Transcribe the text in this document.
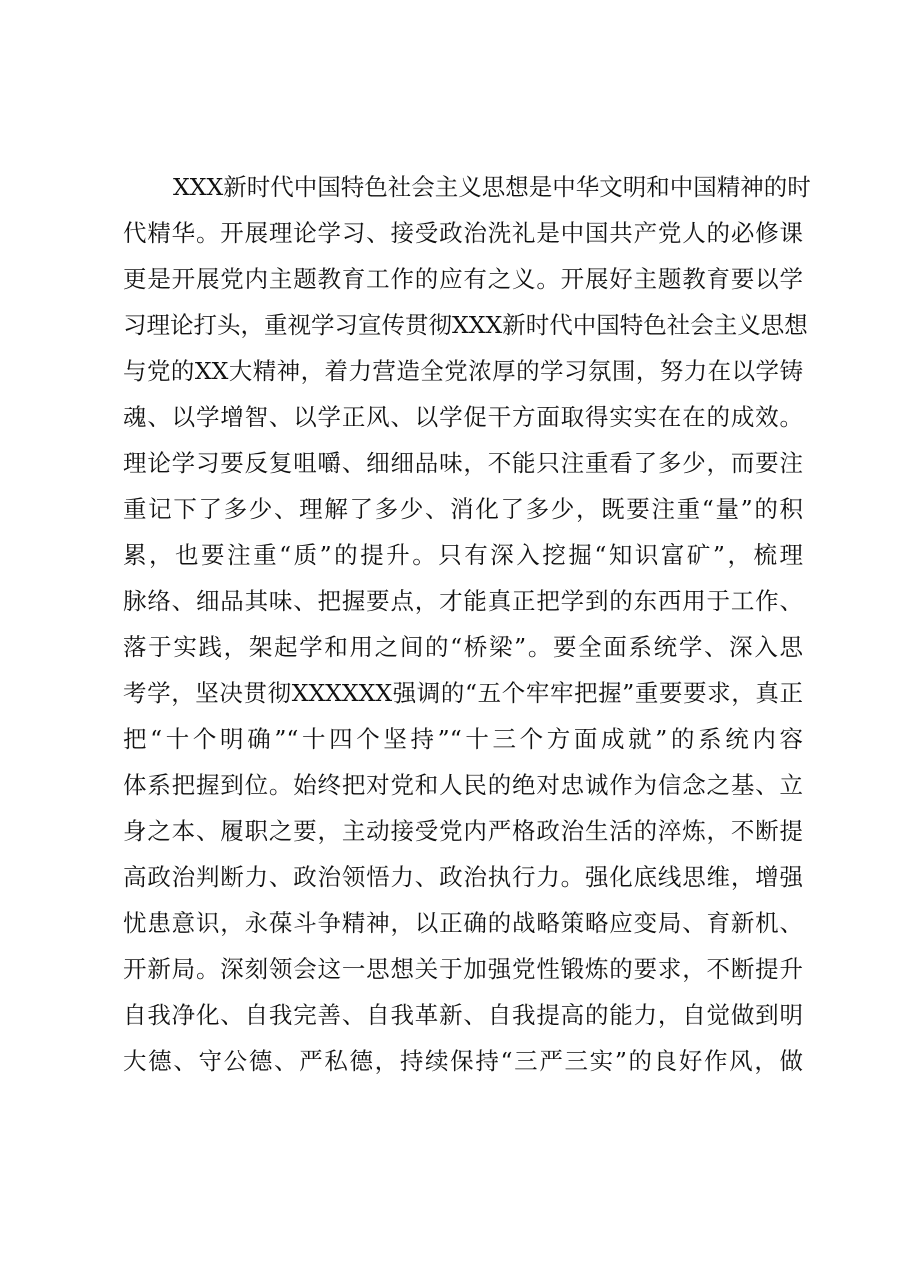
XXX新时代中国特色社会主义思想是中华文明和中国精神的时
代精华。开展理论学习、接受政治洗礼是中国共产党人的必修课
更是开展党内主题教育工作的应有之义。开展好主题教育要以学
习理论打头，重视学习宣传贯彻XXX新时代中国特色社会主义思想
与党的XX大精神，着力营造全党浓厚的学习氛围，努力在以学铸
魂、以学增智、以学正风、以学促干方面取得实实在在的成效。
理论学习要反复咀嚼、细细品味，不能只注重看了多少，而要注
重记下了多少、理解了多少、消化了多少，既要注重“量”的积
累，也要注重“质”的提升。只有深入挖掘“知识富矿”，梳理
脉络、细品其味、把握要点，才能真正把学到的东西用于工作、
落于实践，架起学和用之间的“桥梁”。要全面系统学、深入思
考学，坚决贯彻XXXXXX强调的“五个牢牢把握”重要要求，真正
把“十个明确”“十四个坚持”“十三个方面成就”的系统内容
体系把握到位。始终把对党和人民的绝对忠诚作为信念之基、立
身之本、履职之要，主动接受党内严格政治生活的淬炼，不断提
高政治判断力、政治领悟力、政治执行力。强化底线思维，增强
忧患意识，永葆斗争精神，以正确的战略策略应变局、育新机、
开新局。深刻领会这一思想关于加强党性锻炼的要求，不断提升
自我净化、自我完善、自我革新、自我提高的能力，自觉做到明
大德、守公德、严私德，持续保持“三严三实”的良好作风，做
